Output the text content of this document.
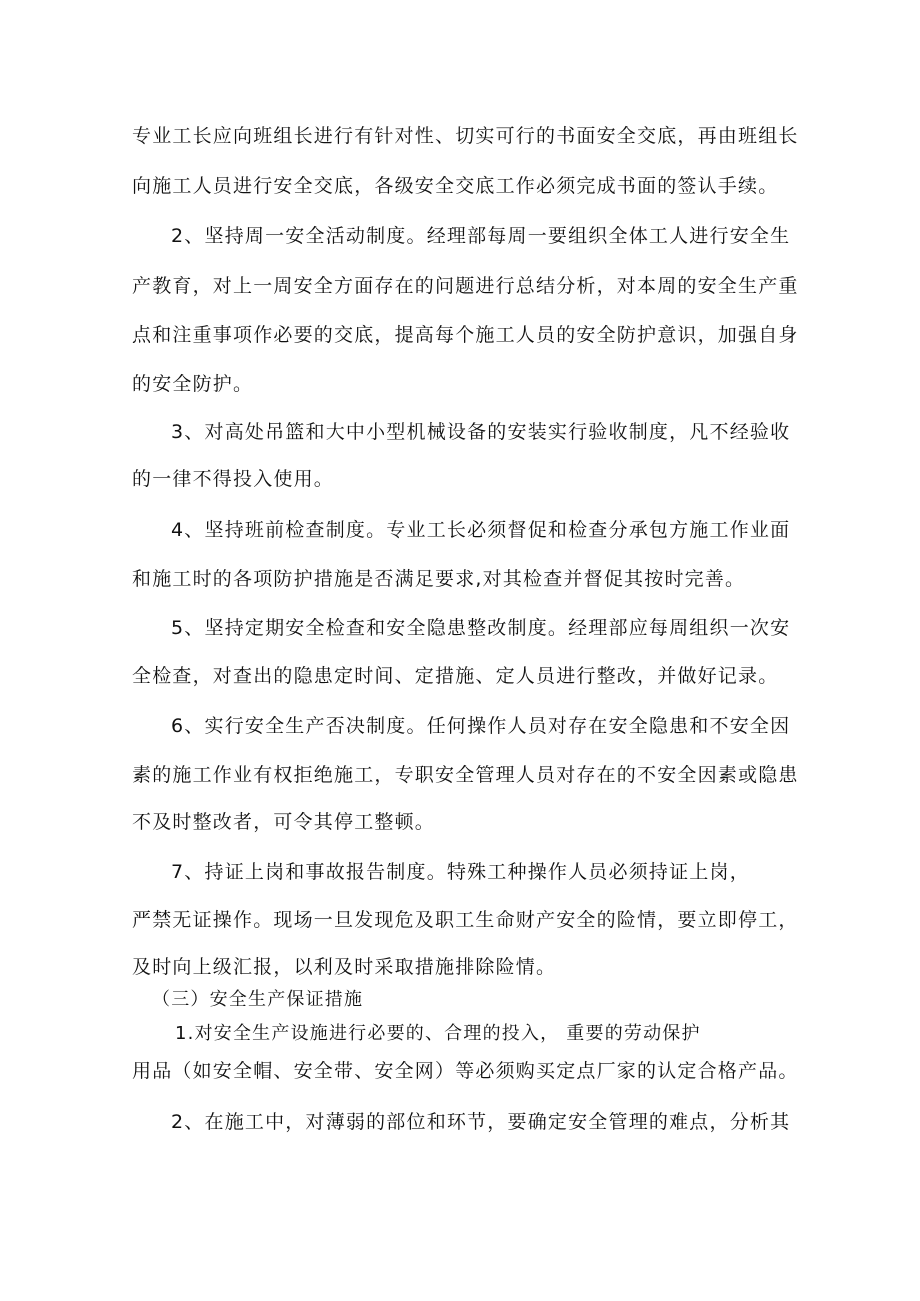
专业工长应向班组长进行有针对性、切实可行的书面安全交底，再由班组长
向施工人员进行安全交底，各级安全交底工作必须完成书面的签认手续。
2、坚持周一安全活动制度。经理部每周一要组织全体工人进行安全生
产教育，对上一周安全方面存在的问题进行总结分析，对本周的安全生产重
点和注重事项作必要的交底，提高每个施工人员的安全防护意识，加强自身
的安全防护。
3、对高处吊篮和大中小型机械设备的安装实行验收制度，凡不经验收
的一律不得投入使用。
4、坚持班前检查制度。专业工长必须督促和检查分承包方施工作业面
和施工时的各项防护措施是否满足要求,对其检查并督促其按时完善。
5、坚持定期安全检查和安全隐患整改制度。经理部应每周组织一次安
全检查，对查出的隐患定时间、定措施、定人员进行整改，并做好记录。
6、实行安全生产否决制度。任何操作人员对存在安全隐患和不安全因
素的施工作业有权拒绝施工，专职安全管理人员对存在的不安全因素或隐患
不及时整改者，可令其停工整顿。
7、持证上岗和事故报告制度。特殊工种操作人员必须持证上岗，
严禁无证操作。现场一旦发现危及职工生命财产安全的险情，要立即停工，
及时向上级汇报，以利及时采取措施排除险情。
（三）安全生产保证措施
1.对安全生产设施进行必要的、合理的投入， 重要的劳动保护
用品（如安全帽、安全带、安全网）等必须购买定点厂家的认定合格产品。
2、在施工中，对薄弱的部位和环节，要确定安全管理的难点，分析其
